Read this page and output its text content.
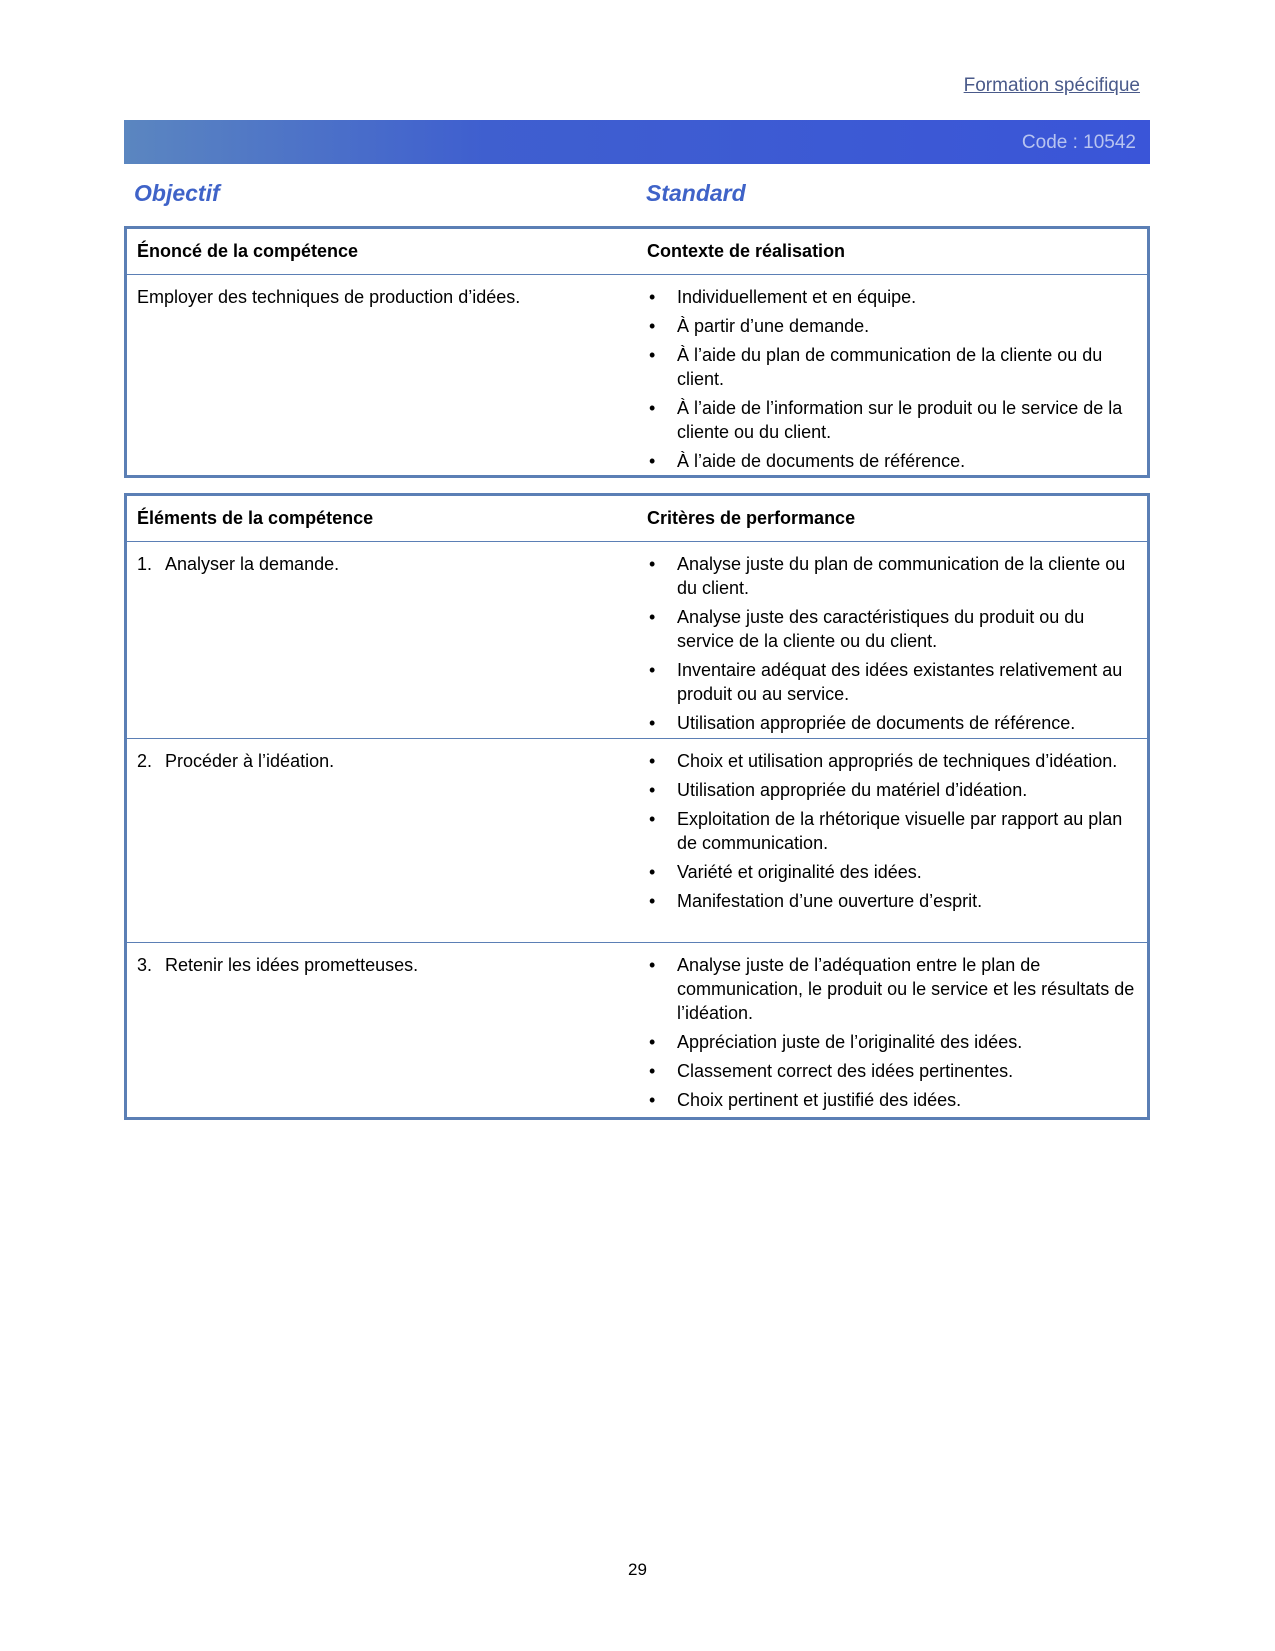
Formation spécifique
Code : 10542
Objectif	Standard
Énoncé de la compétence	Contexte de réalisation
Employer des techniques de production d’idées.	• Individuellement et en équipe.
• À partir d’une demande.
• À l’aide du plan de communication de la cliente ou du client.
• À l’aide de l’information sur le produit ou le service de la cliente ou du client.
• À l’aide de documents de référence.
Éléments de la compétence	Critères de performance
1. Analyser la demande.	• Analyse juste du plan de communication de la cliente ou du client.
• Analyse juste des caractéristiques du produit ou du service de la cliente ou du client.
• Inventaire adéquat des idées existantes relativement au produit ou au service.
• Utilisation appropriée de documents de référence.
2. Procéder à l’idéation.	• Choix et utilisation appropriés de techniques d’idéation.
• Utilisation appropriée du matériel d’idéation.
• Exploitation de la rhétorique visuelle par rapport au plan de communication.
• Variété et originalité des idées.
• Manifestation d’une ouverture d’esprit.
3. Retenir les idées prometteuses.	• Analyse juste de l’adéquation entre le plan de communication, le produit ou le service et les résultats de l’idéation.
• Appréciation juste de l’originalité des idées.
• Classement correct des idées pertinentes.
• Choix pertinent et justifié des idées.
29
